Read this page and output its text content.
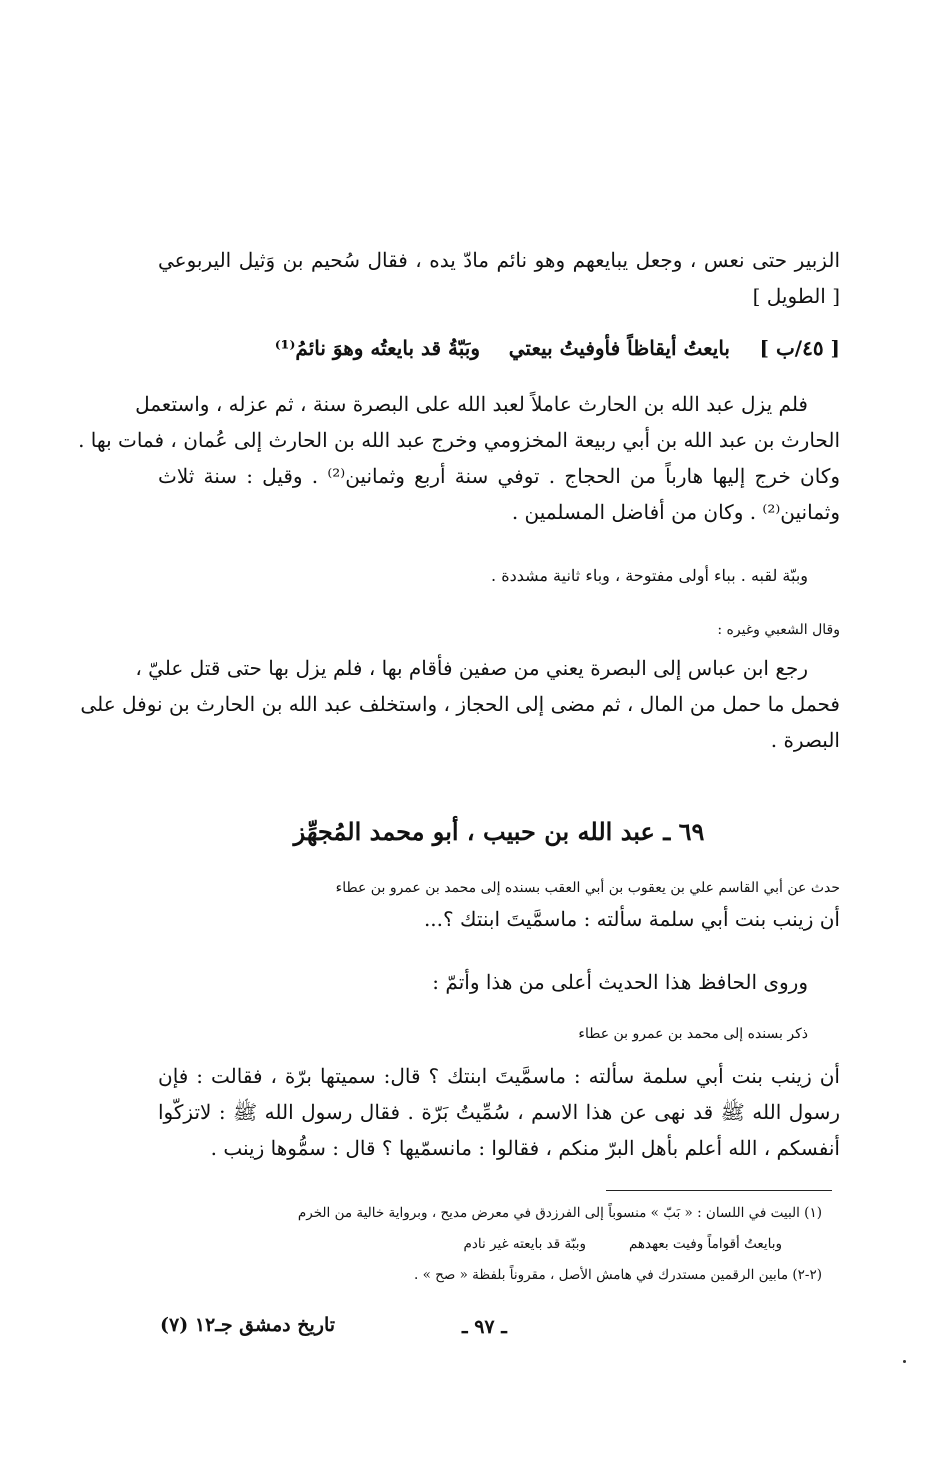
الزبير حتى نعس ، وجعل يبايعهم وهو نائم مادّ يده ، فقال سُحيم بن وَثيل اليربوعي
[ الطويل ]
[ ٤٥/ب ]
بايعتُ أيقاظاً فأوفيتُ بيعتي
وبَبّةُ قد بايعتُه وهوَ نائمُ⁽¹⁾
فلم يزل عبد الله بن الحارث عاملاً لعبد الله على البصرة سنة ، ثم عزله ، واستعمل
الحارث بن عبد الله بن أبي ربيعة المخزومي وخرج عبد الله بن الحارث إلى عُمان ، فمات بها .
وكان خرج إليها هارباً من الحجاج . توفي سنة أربع وثمانين⁽²⁾ . وقيل : سنة ثلاث
وثمانين⁽²⁾ . وكان من أفاضل المسلمين .
وببّة لقبه . بباء أولى مفتوحة ، وباء ثانية مشددة .
وقال الشعبي وغيره :
رجع ابن عباس إلى البصرة يعني من صفين فأقام بها ، فلم يزل بها حتى قتل عليّ ،
فحمل ما حمل من المال ، ثم مضى إلى الحجاز ، واستخلف عبد الله بن الحارث بن نوفل على
البصرة .
٦٩ ـ عبد الله بن حبيب ، أبو محمد المُجهِّز
حدث عن أبي القاسم علي بن يعقوب بن أبي العقب بسنده إلى محمد بن عمرو بن عطاء
أن زينب بنت أبي سلمة سألته : ماسمَّيتَ ابنتك ؟...
وروى الحافظ هذا الحديث أعلى من هذا وأتمّ :
ذكر بسنده إلى محمد بن عمرو بن عطاء
أن زينب بنت أبي سلمة سألته : ماسمَّيتَ ابنتك ؟ قال: سميتها برّة ، فقالت : فإن
رسول الله ﷺ قد نهى عن هذا الاسم ، سُمِّيتُ بَرّة . فقال رسول الله ﷺ : لاتزكّوا
أنفسكم ، الله أعلم بأهل البرّ منكم ، فقالوا : مانسمّيها ؟ قال : سمُّوها زينب .
(١) البيت في اللسان : « بَبّ » منسوباً إلى الفرزدق في معرض مديح ، وبرواية خالية من الخرم
وبايعتُ أقواماً وفيت بعهدهم          وببّة قد بايعته غير نادم
(٢-٢) مابين الرقمين مستدرك في هامش الأصل ، مقروناً بلفظة « صح » .
تاريخ دمشق جـ١٢ (٧)	ـ ٩٧ ـ
